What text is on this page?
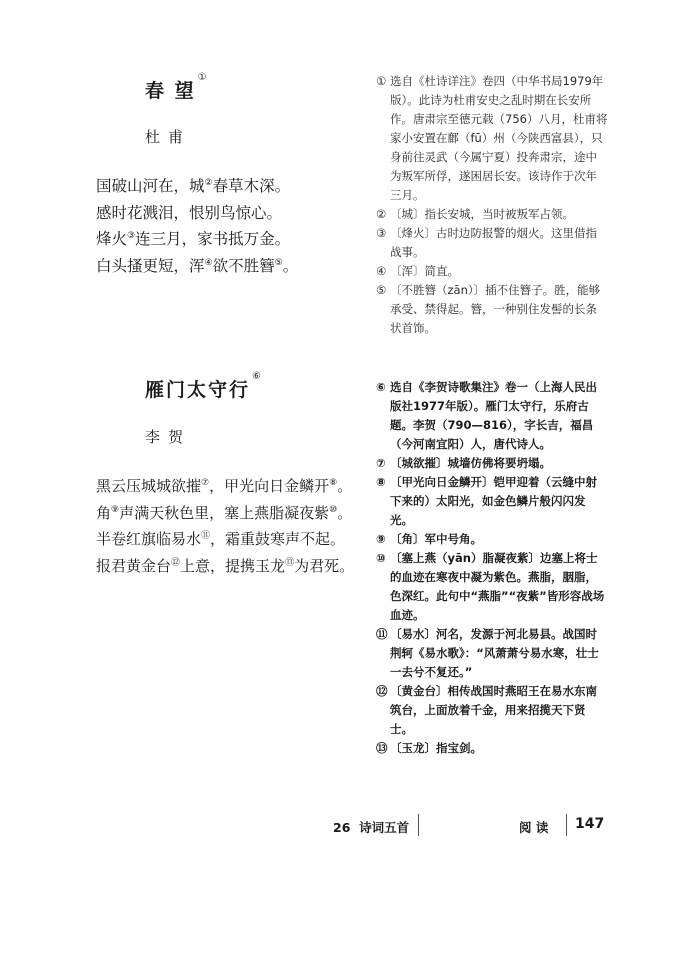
春 望①
杜甫
国破山河在，城②春草木深。
感时花溅泪，恨别鸟惊心。
烽火③连三月，家书抵万金。
白头搔更短，浑④欲不胜簪⑤。

① 选自《杜诗详注》卷四（中华书局1979年版）。此诗为杜甫安史之乱时期在长安所作。唐肃宗至德元载（756）八月，杜甫将家小安置在鄜（fū）州（今陕西富县），只身前往灵武（今属宁夏）投奔肃宗，途中为叛军所俘，遂困居长安。该诗作于次年三月。

② 〔城〕指长安城，当时被叛军占领。

③ 〔烽火〕古时边防报警的烟火。这里借指战事。

④ 〔浑〕简直。

⑤ 〔不胜簪（zān）〕插不住簪子。胜，能够承受、禁得起。簪，一种别住发髻的长条状首饰。

雁门太守行⑥
李贺
黑云压城城欲摧⑦，甲光向日金鳞开⑧。
角⑨声满天秋色里，塞上燕脂凝夜紫⑩。
半卷红旗临易水⑪，霜重鼓寒声不起。
报君黄金台⑫上意，提携玉龙⑬为君死。

⑥ 选自《李贺诗歌集注》卷一（上海人民出版社1977年版）。雁门太守行，乐府古题。李贺（790—816），字长吉，福昌（今河南宜阳）人，唐代诗人。

⑦ 〔城欲摧〕城墙仿佛将要坍塌。

⑧ 〔甲光向日金鳞开〕铠甲迎着（云缝中射下来的）太阳光，如金色鳞片般闪闪发光。

⑨ 〔角〕军中号角。

⑩ 〔塞上燕（yān）脂凝夜紫〕边塞上将士的血迹在寒夜中凝为紫色。燕脂，胭脂，色深红。此句中“燕脂”“夜紫”皆形容战场血迹。

⑪ 〔易水〕河名，发源于河北易县。战国时荆轲《易水歌》：“风萧萧兮易水寒，壮士一去兮不复还。”

⑫ 〔黄金台〕相传战国时燕昭王在易水东南筑台，上面放着千金，用来招揽天下贤士。

⑬ 〔玉龙〕指宝剑。

26  诗词五首	阅 读 147
